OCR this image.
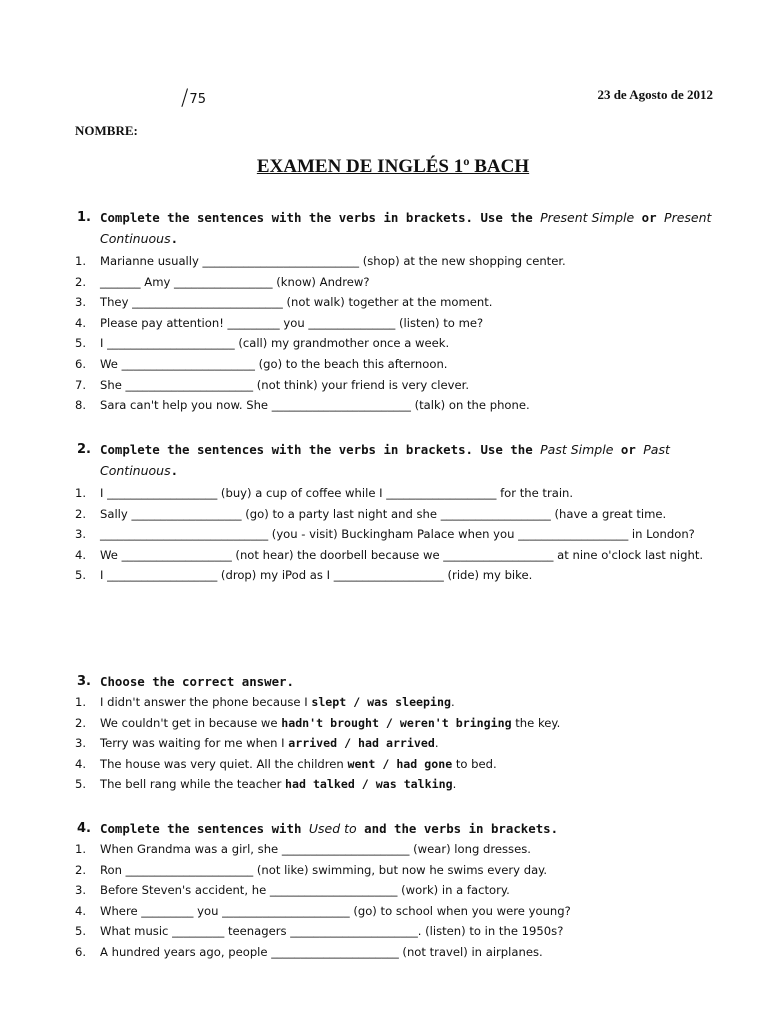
/75	23 de Agosto de 2012
NOMBRE:
EXAMEN DE INGLÉS 1º BACH
1. Complete the sentences with the verbs in brackets. Use the Present Simple or Present
Continuous.
1. Marianne usually ___________________________ (shop) at the new shopping center.
2. _______ Amy _________________ (know) Andrew?
3. They __________________________ (not walk) together at the moment.
4. Please pay attention! _________ you _______________ (listen) to me?
5. I ______________________ (call) my grandmother once a week.
6. We _______________________ (go) to the beach this afternoon.
7. She ______________________ (not think) your friend is very clever.
8. Sara can't help you now. She ________________________ (talk) on the phone.
2. Complete the sentences with the verbs in brackets. Use the Past Simple or Past
Continuous.
1. I ___________________ (buy) a cup of coffee while I ___________________ for the train.
2. Sally ___________________ (go) to a party last night and she ___________________ (have a great time.
3. _____________________________ (you - visit) Buckingham Palace when you ___________________ in London?
4. We ___________________ (not hear) the doorbell because we ___________________ at nine o'clock last night.
5. I ___________________ (drop) my iPod as I ___________________ (ride) my bike.
3. Choose the correct answer.
1. I didn't answer the phone because I slept / was sleeping.
2. We couldn't get in because we hadn't brought / weren't bringing the key.
3. Terry was waiting for me when I arrived / had arrived.
4. The house was very quiet. All the children went / had gone to bed.
5. The bell rang while the teacher had talked / was talking.
4. Complete the sentences with Used to and the verbs in brackets.
1. When Grandma was a girl, she ______________________ (wear) long dresses.
2. Ron ______________________ (not like) swimming, but now he swims every day.
3. Before Steven's accident, he ______________________ (work) in a factory.
4. Where _________ you ______________________ (go) to school when you were young?
5. What music _________ teenagers ______________________. (listen) to in the 1950s?
6. A hundred years ago, people ______________________ (not travel) in airplanes.
